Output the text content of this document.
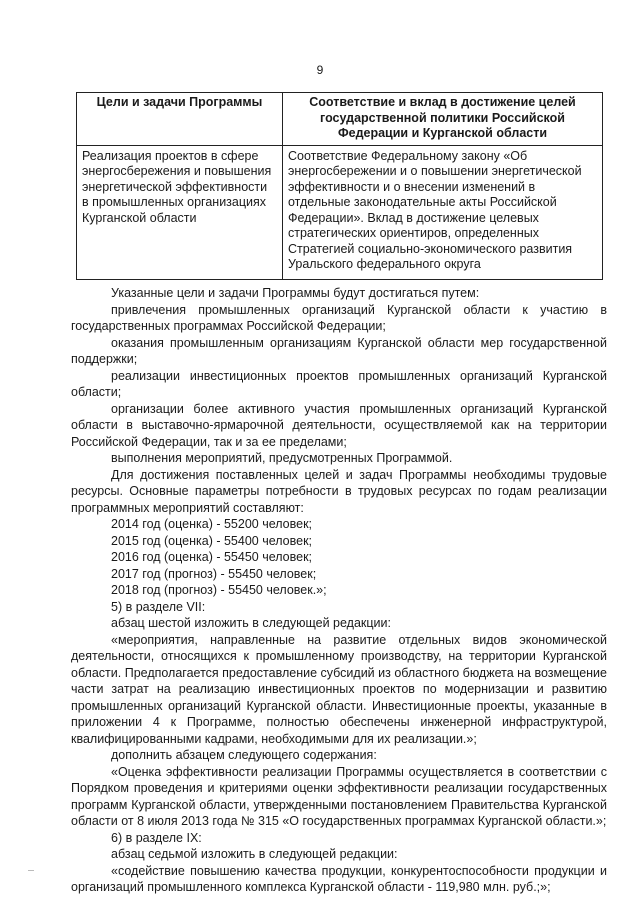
9
Цели и задачи Программы	Соответствие и вклад в достижение целей государственной политики Российской Федерации и Курганской области
Реализация проектов в сфере энергосбережения и повышения энергетической эффективности в промышленных организациях Курганской области	Соответствие Федеральному закону «Об энергосбережении и о повышении энергетической эффективности и о внесении изменений в отдельные законодательные акты Российской Федерации». Вклад в достижение целевых стратегических ориентиров, определенных Стратегией социально-экономического развития Уральского федерального округа

Указанные цели и задачи Программы будут достигаться путем:

привлечения промышленных организаций Курганской области к участию в государственных программах Российской Федерации;

оказания промышленным организациям Курганской области мер государственной поддержки;

реализации инвестиционных проектов промышленных организаций Курганской области;

организации более активного участия промышленных организаций Курганской области в выставочно-ярмарочной деятельности, осуществляемой как на территории Российской Федерации, так и за ее пределами;

выполнения мероприятий, предусмотренных Программой.

Для достижения поставленных целей и задач Программы необходимы трудовые ресурсы. Основные параметры потребности в трудовых ресурсах по годам реализации программных мероприятий составляют:

2014 год (оценка) - 55200 человек;

2015 год (оценка) - 55400 человек;

2016 год (оценка) - 55450 человек;

2017 год (прогноз) - 55450 человек;

2018 год (прогноз) - 55450 человек.»;

5) в разделе VII:

абзац шестой изложить в следующей редакции:

«мероприятия, направленные на развитие отдельных видов экономической деятельности, относящихся к промышленному производству, на территории Курганской области. Предполагается предоставление субсидий из областного бюджета на возмещение части затрат на реализацию инвестиционных проектов по модернизации и развитию промышленных организаций Курганской области. Инвестиционные проекты, указанные в приложении 4 к Программе, полностью обеспечены инженерной инфраструктурой, квалифицированными кадрами, необходимыми для их реализации.»;

дополнить абзацем следующего содержания:

«Оценка эффективности реализации Программы осуществляется в соответствии с Порядком проведения и критериями оценки эффективности реализации государственных программ Курганской области, утвержденными постановлением Правительства Курганской области от 8 июля 2013 года № 315 «О государственных программах Курганской области.»;

6) в разделе IX:

абзац седьмой изложить в следующей редакции:

«содействие повышению качества продукции, конкурентоспособности продукции и организаций промышленного комплекса Курганской области - 119,980 млн. руб.;»;
